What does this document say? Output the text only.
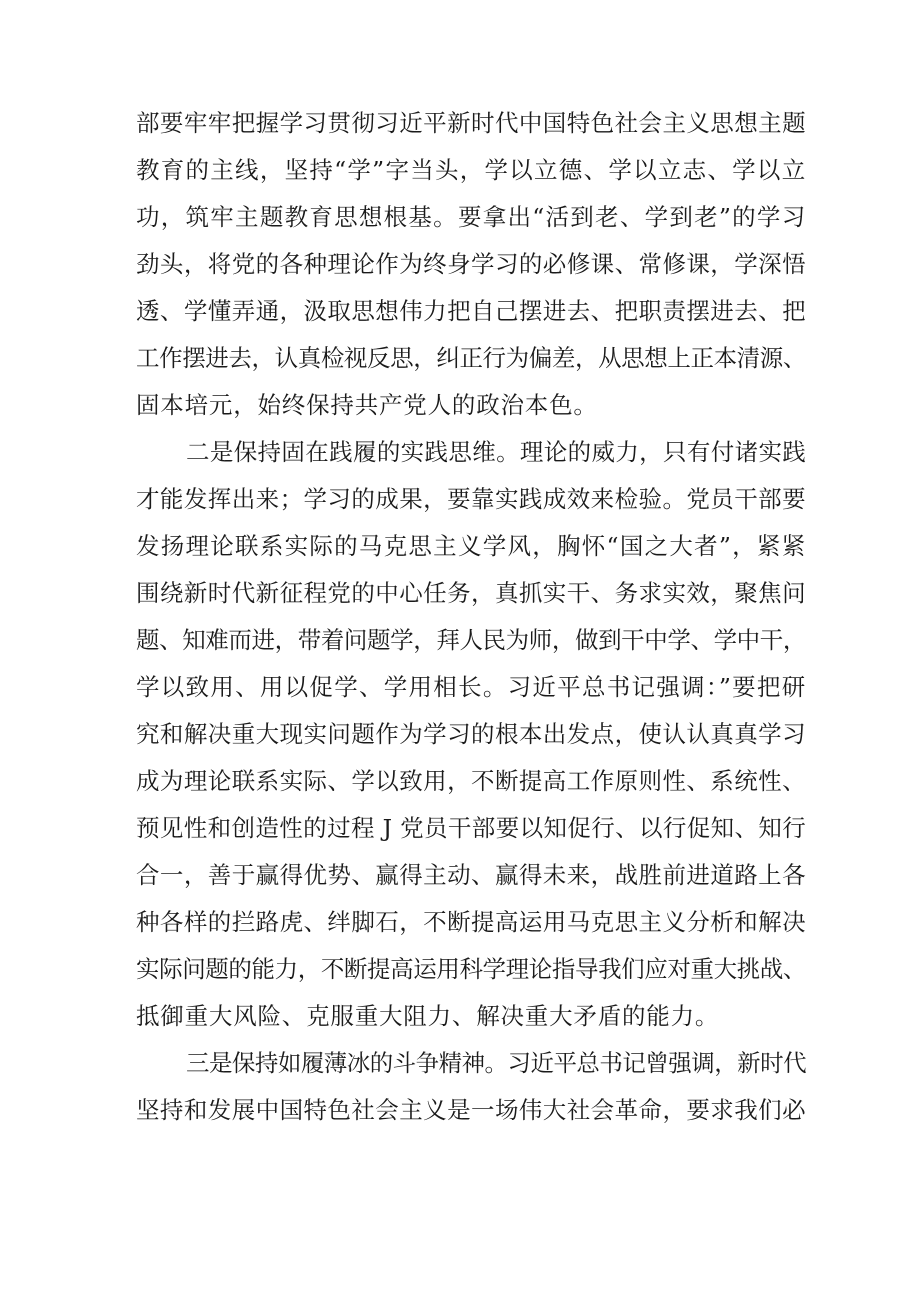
部要牢牢把握学习贯彻习近平新时代中国特色社会主义思想主题
教育的主线，坚持“学”字当头，学以立德、学以立志、学以立
功，筑牢主题教育思想根基。要拿出“活到老、学到老”的学习
劲头，将党的各种理论作为终身学习的必修课、常修课，学深悟
透、学懂弄通，汲取思想伟力把自己摆进去、把职责摆进去、把
工作摆进去，认真检视反思，纠正行为偏差，从思想上正本清源、
固本培元，始终保持共产党人的政治本色。
二是保持固在践履的实践思维。理论的威力，只有付诸实践
才能发挥出来；学习的成果，要靠实践成效来检验。党员干部要
发扬理论联系实际的马克思主义学风，胸怀“国之大者”，紧紧
围绕新时代新征程党的中心任务，真抓实干、务求实效，聚焦问
题、知难而进，带着问题学，拜人民为师，做到干中学、学中干，
学以致用、用以促学、学用相长。习近平总书记强调：”要把研
究和解决重大现实问题作为学习的根本出发点，使认认真真学习
成为理论联系实际、学以致用，不断提高工作原则性、系统性、
预见性和创造性的过程 J 党员干部要以知促行、以行促知、知行
合一，善于赢得优势、赢得主动、赢得未来，战胜前进道路上各
种各样的拦路虎、绊脚石，不断提高运用马克思主义分析和解决
实际问题的能力，不断提高运用科学理论指导我们应对重大挑战、
抵御重大风险、克服重大阻力、解决重大矛盾的能力。
三是保持如履薄冰的斗争精神。习近平总书记曾强调，新时代
坚持和发展中国特色社会主义是一场伟大社会革命，要求我们必
